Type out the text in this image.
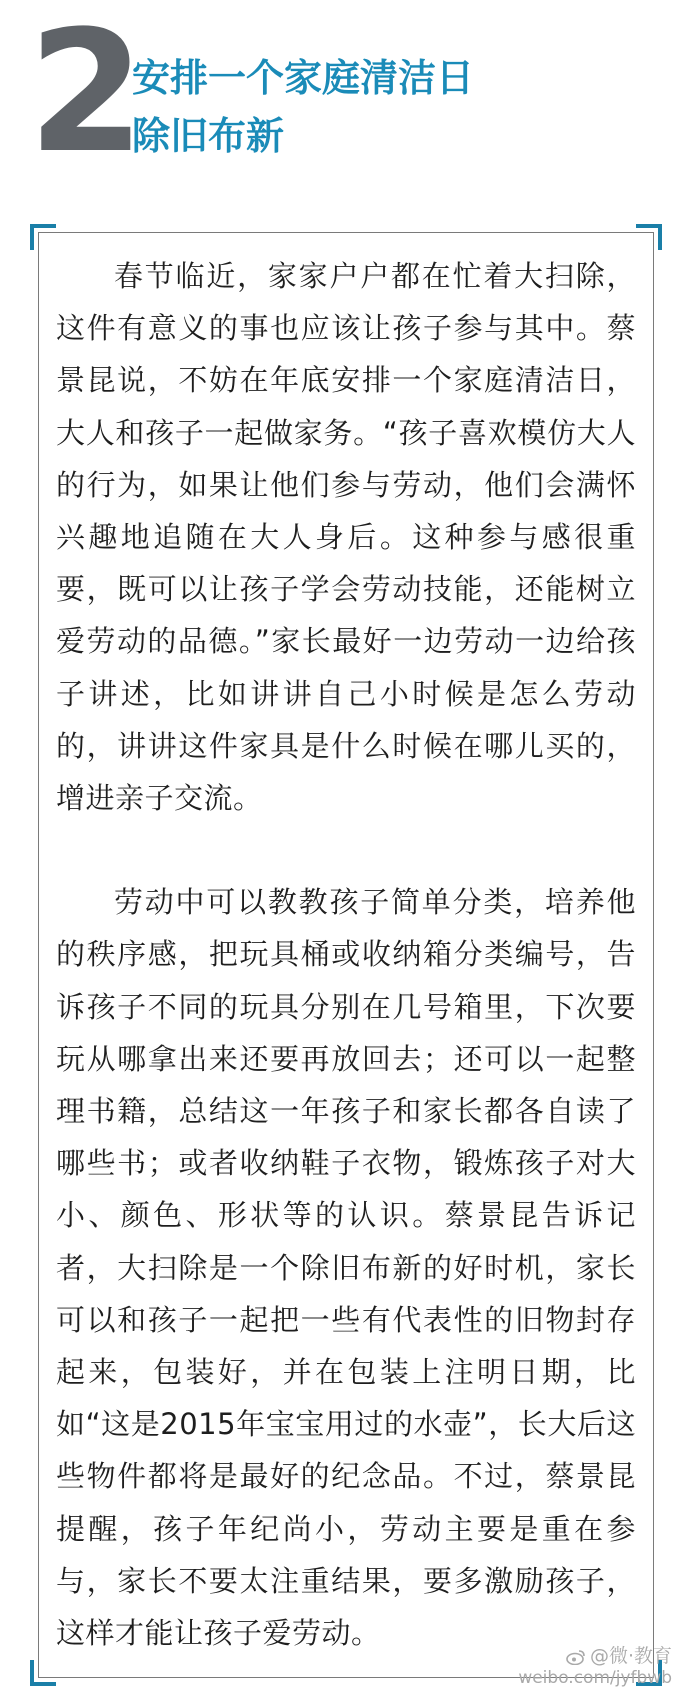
2
安排一个家庭清洁日
除旧布新

春节临近，家家户户都在忙着大扫除，这件有意义的事也应该让孩子参与其中。蔡景昆说，不妨在年底安排一个家庭清洁日，大人和孩子一起做家务。“孩子喜欢模仿大人的行为，如果让他们参与劳动，他们会满怀兴趣地追随在大人身后。这种参与感很重要，既可以让孩子学会劳动技能，还能树立爱劳动的品德。”家长最好一边劳动一边给孩子讲述，比如讲讲自己小时候是怎么劳动的，讲讲这件家具是什么时候在哪儿买的，增进亲子交流。

劳动中可以教教孩子简单分类，培养他的秩序感，把玩具桶或收纳箱分类编号，告诉孩子不同的玩具分别在几号箱里，下次要玩从哪拿出来还要再放回去；还可以一起整理书籍，总结这一年孩子和家长都各自读了哪些书；或者收纳鞋子衣物，锻炼孩子对大小、颜色、形状等的认识。蔡景昆告诉记者，大扫除是一个除旧布新的好时机，家长可以和孩子一起把一些有代表性的旧物封存起来，包装好，并在包装上注明日期，比如“这是2015年宝宝用过的水壶”，长大后这些物件都将是最好的纪念品。不过，蔡景昆提醒，孩子年纪尚小，劳动主要是重在参与，家长不要太注重结果，要多激励孩子，这样才能让孩子爱劳动。

@微·教育
weibo.com/jyfbwb
